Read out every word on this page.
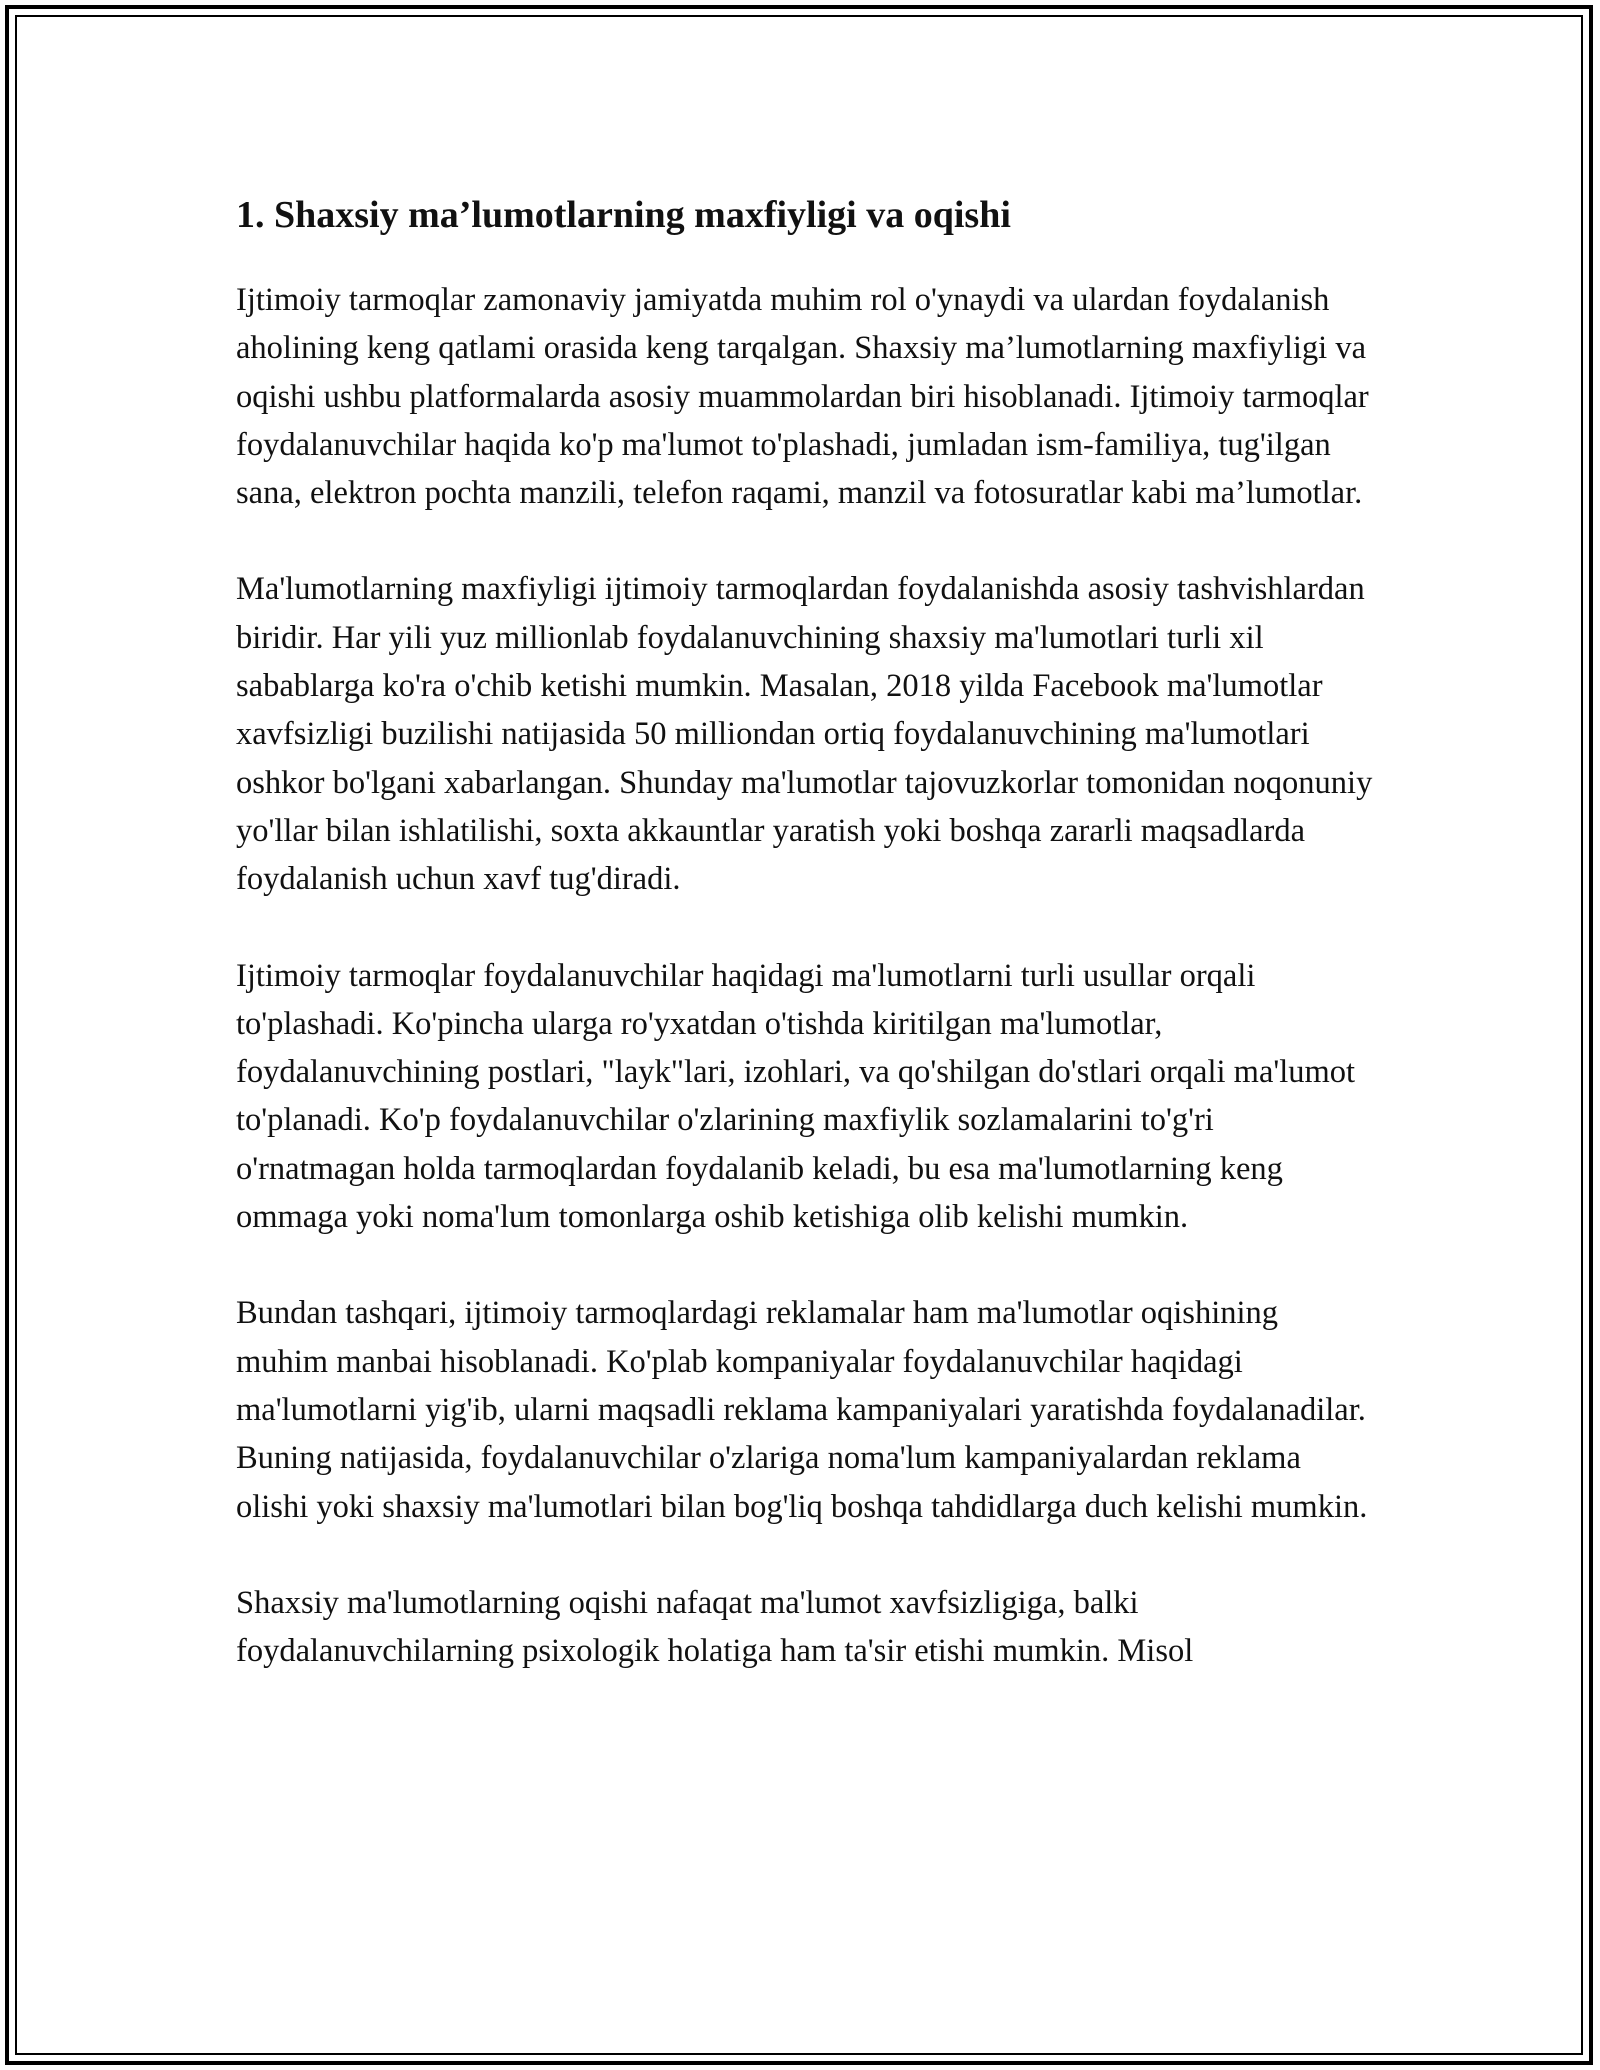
1. Shaxsiy ma’lumotlarning maxfiyligi va oqishi

Ijtimoiy tarmoqlar zamonaviy jamiyatda muhim rol o'ynaydi va ulardan foydalanish aholining keng qatlami orasida keng tarqalgan. Shaxsiy ma’lumotlarning maxfiyligi va oqishi ushbu platformalarda asosiy muammolardan biri hisoblanadi. Ijtimoiy tarmoqlar foydalanuvchilar haqida ko'p ma'lumot to'plashadi, jumladan ism-familiya, tug'ilgan sana, elektron pochta manzili, telefon raqami, manzil va fotosuratlar kabi ma’lumotlar.

Ma'lumotlarning maxfiyligi ijtimoiy tarmoqlardan foydalanishda asosiy tashvishlardan biridir. Har yili yuz millionlab foydalanuvchining shaxsiy ma'lumotlari turli xil sabablarga ko'ra o'chib ketishi mumkin. Masalan, 2018 yilda Facebook ma'lumotlar xavfsizligi buzilishi natijasida 50 milliondan ortiq foydalanuvchining ma'lumotlari oshkor bo'lgani xabarlangan. Shunday ma'lumotlar tajovuzkorlar tomonidan noqonuniy yo'llar bilan ishlatilishi, soxta akkauntlar yaratish yoki boshqa zararli maqsadlarda foydalanish uchun xavf tug'diradi.

Ijtimoiy tarmoqlar foydalanuvchilar haqidagi ma'lumotlarni turli usullar orqali to'plashadi. Ko'pincha ularga ro'yxatdan o'tishda kiritilgan ma'lumotlar, foydalanuvchining postlari, "layk"lari, izohlari, va qo'shilgan do'stlari orqali ma'lumot to'planadi. Ko'p foydalanuvchilar o'zlarining maxfiylik sozlamalarini to'g'ri o'rnatmagan holda tarmoqlardan foydalanib keladi, bu esa ma'lumotlarning keng ommaga yoki noma'lum tomonlarga oshib ketishiga olib kelishi mumkin.

Bundan tashqari, ijtimoiy tarmoqlardagi reklamalar ham ma'lumotlar oqishining muhim manbai hisoblanadi. Ko'plab kompaniyalar foydalanuvchilar haqidagi ma'lumotlarni yig'ib, ularni maqsadli reklama kampaniyalari yaratishda foydalanadilar. Buning natijasida, foydalanuvchilar o'zlariga noma'lum kampaniyalardan reklama olishi yoki shaxsiy ma'lumotlari bilan bog'liq boshqa tahdidlarga duch kelishi mumkin.

Shaxsiy ma'lumotlarning oqishi nafaqat ma'lumot xavfsizligiga, balki foydalanuvchilarning psixologik holatiga ham ta'sir etishi mumkin. Misol
